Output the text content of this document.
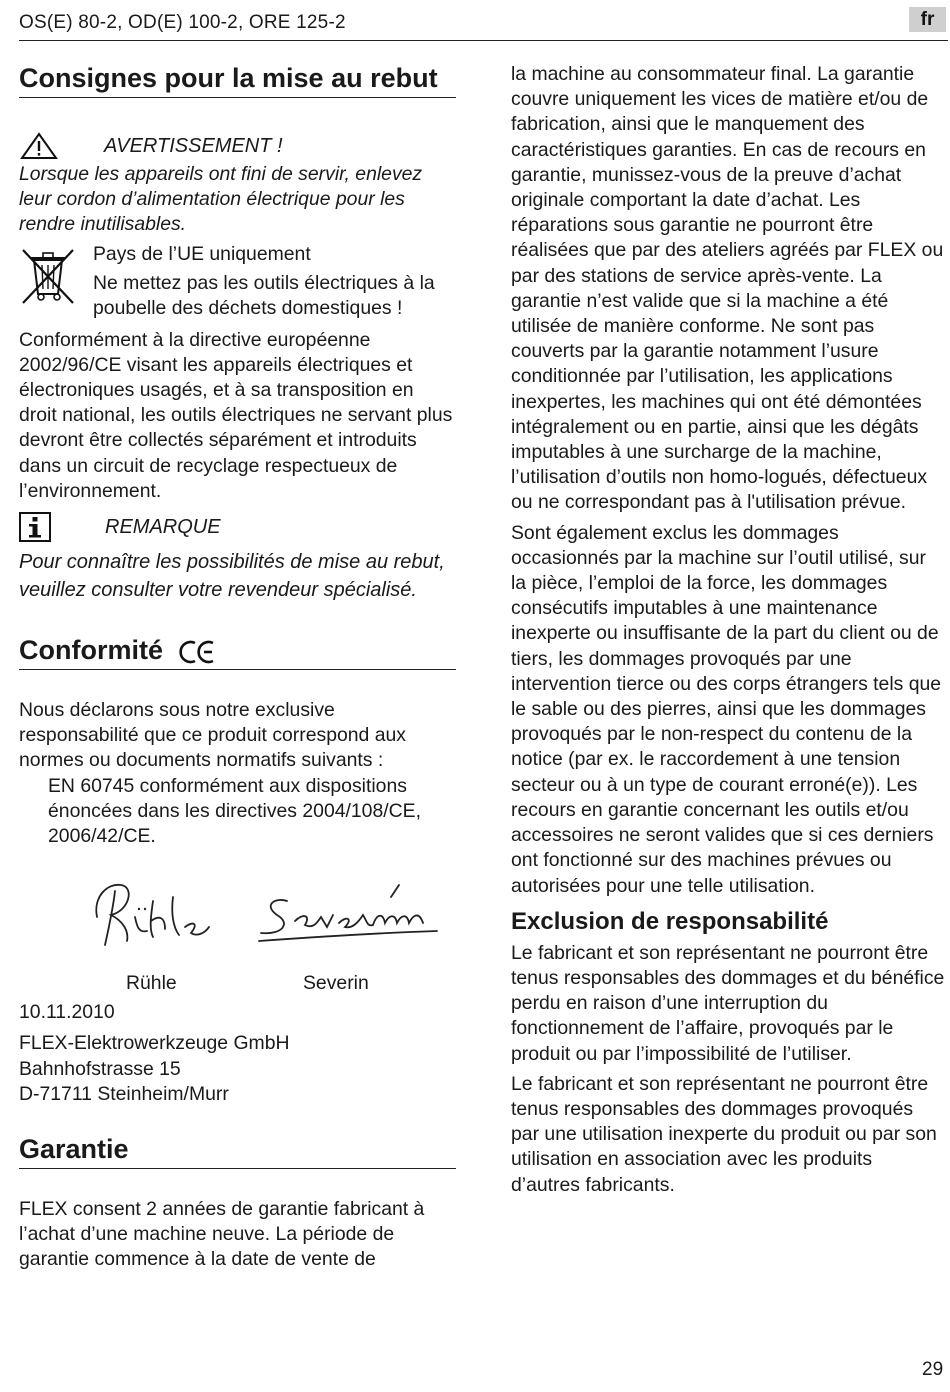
OS(E) 80-2, OD(E) 100-2, ORE 125-2	fr
Consignes pour la mise au rebut
AVERTISSEMENT !

Lorsque les appareils ont fini de servir, enlevez leur cordon d’alimentation électrique pour les rendre inutilisables.

Pays de l’UE uniquement

Ne mettez pas les outils électriques à la poubelle des déchets domestiques !

Conformément à la directive européenne 2002/96/CE visant les appareils électriques et électroniques usagés, et à sa transposition en droit national, les outils électriques ne servant plus devront être collectés séparément et introduits dans un circuit de recyclage respectueux de l’environnement.

REMARQUE

Pour connaître les possibilités de mise au rebut, veuillez consulter votre revendeur spécialisé.

Conformité

Nous déclarons sous notre exclusive responsabilité que ce produit correspond aux normes ou documents normatifs suivants :

EN 60745 conformément aux dispositions énoncées dans les directives 2004/108/CE, 2006/42/CE.

Rühle	Severin

10.11.2010

FLEX-Elektrowerkzeuge GmbH

Bahnhofstrasse 15

D-71711 Steinheim/Murr

Garantie

FLEX consent 2 années de garantie fabricant à l’achat d’une machine neuve. La période de garantie commence à la date de vente de

la machine au consommateur final. La garantie couvre uniquement les vices de matière et/ou de fabrication, ainsi que le manquement des caractéristiques garanties. En cas de recours en garantie, munissez-vous de la preuve d’achat originale comportant la date d’achat. Les réparations sous garantie ne pourront être réalisées que par des ateliers agréés par FLEX ou par des stations de service après-vente. La garantie n’est valide que si la machine a été utilisée de manière conforme. Ne sont pas couverts par la garantie notamment l’usure conditionnée par l’utilisation, les applications inexpertes, les machines qui ont été démontées intégralement ou en partie, ainsi que les dégâts imputables à une surcharge de la machine, l’utilisation d’outils non homo-logués, défectueux ou ne correspondant pas à l'utilisation prévue.

Sont également exclus les dommages occasionnés par la machine sur l’outil utilisé, sur la pièce, l’emploi de la force, les dommages consécutifs imputables à une maintenance inexperte ou insuffisante de la part du client ou de tiers, les dommages provoqués par une intervention tierce ou des corps étrangers tels que le sable ou des pierres, ainsi que les dommages provoqués par le non-respect du contenu de la notice (par ex. le raccordement à une tension secteur ou à un type de courant erroné(e)). Les recours en garantie concernant les outils et/ou accessoires ne seront valides que si ces derniers ont fonctionné sur des machines prévues ou autorisées pour une telle utilisation.

Exclusion de responsabilité

Le fabricant et son représentant ne pourront être tenus responsables des dommages et du bénéfice perdu en raison d’une interruption du fonctionnement de l’affaire, provoqués par le produit ou par l’impossibilité de l’utiliser.

Le fabricant et son représentant ne pourront être tenus responsables des dommages provoqués par une utilisation inexperte du produit ou par son utilisation en association avec les produits d’autres fabricants.

29
